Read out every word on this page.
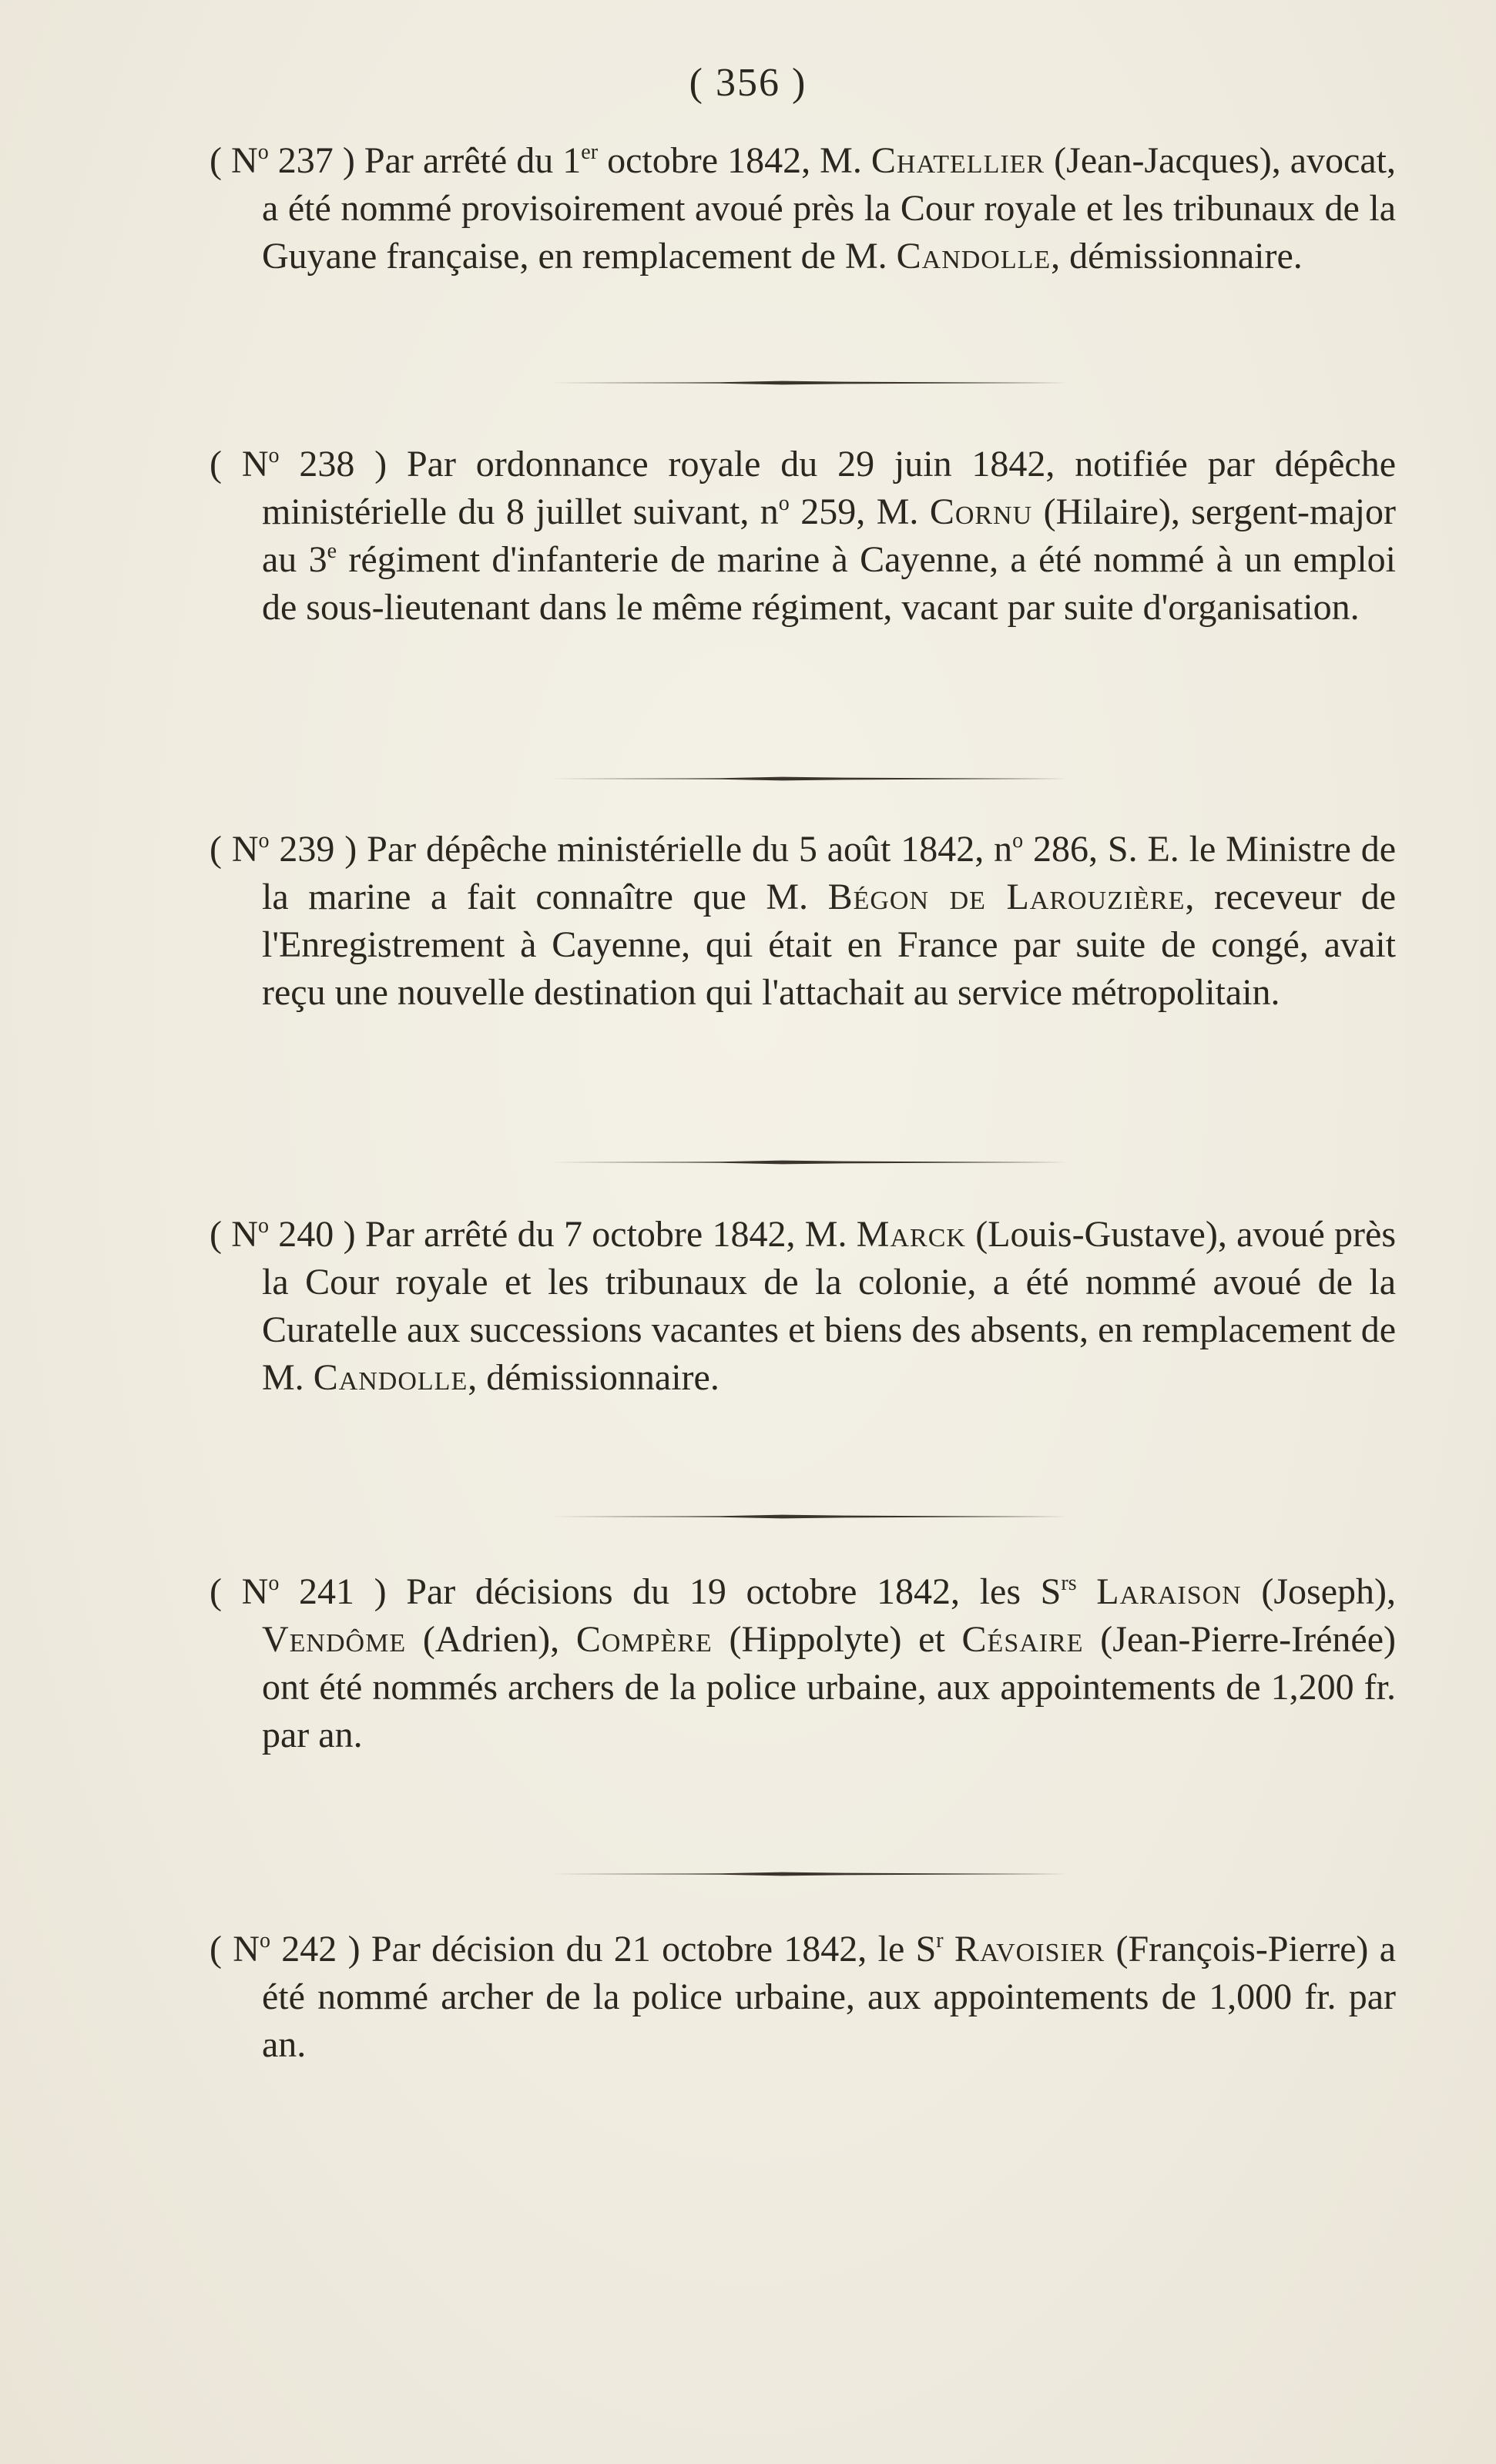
( 356 )

( $N^o$ 237 ) Par arrêté du 1er octobre 1842, M. Chatellier (Jean-Jacques), avocat, a été nommé provisoirement avoué près la Cour royale et les tribunaux de la Guyane française, en remplacement de M. Candolle, démissionnaire.

( $N^o$ 238 ) Par ordonnance royale du 29 juin 1842, notifiée par dépêche ministérielle du 8 juillet suivant, $n^o$ 259, M. Cornu (Hilaire), sergent-major au 3e régiment d'infanterie de marine à Cayenne, a été nommé à un emploi de sous-lieutenant dans le même régiment, vacant par suite d'organisation.

( $N^o$ 239 ) Par dépêche ministérielle du 5 août 1842, $n^o$ 286, S. E. le Ministre de la marine a fait connaître que M. Bégon de Larouzière, receveur de l'Enregistrement à Cayenne, qui était en France par suite de congé, avait reçu une nouvelle destination qui l'attachait au service métropolitain.

( $N^o$ 240 ) Par arrêté du 7 octobre 1842, M. Marck (Louis-Gustave), avoué près la Cour royale et les tribunaux de la colonie, a été nommé avoué de la Curatelle aux successions vacantes et biens des absents, en remplacement de M. Candolle, démissionnaire.

( $N^o$ 241 ) Par décisions du 19 octobre 1842, les $S^{rs}$ Laraison (Joseph), Vendôme (Adrien), Compère (Hippolyte) et Césaire (Jean-Pierre-Irénée) ont été nommés archers de la police urbaine, aux appointements de 1,200 fr. par an.

( $N^o$ 242 ) Par décision du 21 octobre 1842, le $S^r$ Ravoisier (François-Pierre) a été nommé archer de la police urbaine, aux appointements de 1,000 fr. par an.
